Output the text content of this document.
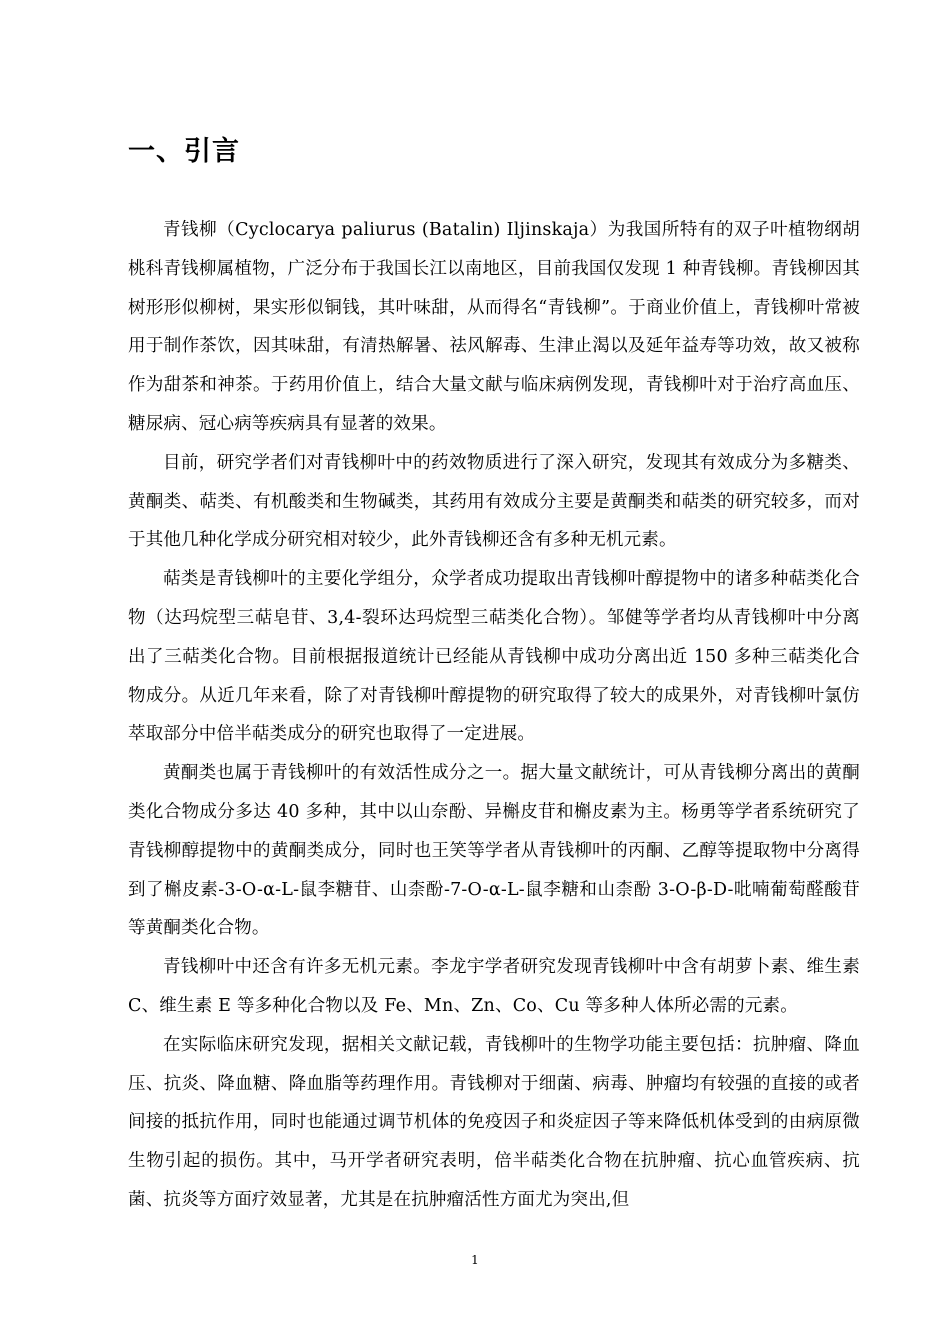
一、引言

青钱柳（Cyclocarya paliurus (Batalin) Iljinskaja）为我国所特有的双子叶植物纲胡桃科青钱柳属植物，广泛分布于我国长江以南地区，目前我国仅发现 1 种青钱柳。青钱柳因其树形形似柳树，果实形似铜钱，其叶味甜，从而得名“青钱柳”。于商业价值上，青钱柳叶常被用于制作茶饮，因其味甜，有清热解暑、祛风解毒、生津止渴以及延年益寿等功效，故又被称作为甜茶和神茶。于药用价值上，结合大量文献与临床病例发现，青钱柳叶对于治疗高血压、糖尿病、冠心病等疾病具有显著的效果。

目前，研究学者们对青钱柳叶中的药效物质进行了深入研究，发现其有效成分为多糖类、黄酮类、萜类、有机酸类和生物碱类，其药用有效成分主要是黄酮类和萜类的研究较多，而对于其他几种化学成分研究相对较少，此外青钱柳还含有多种无机元素。

萜类是青钱柳叶的主要化学组分，众学者成功提取出青钱柳叶醇提物中的诸多种萜类化合物（达玛烷型三萜皂苷、3,4-裂环达玛烷型三萜类化合物）。邹健等学者均从青钱柳叶中分离出了三萜类化合物。目前根据报道统计已经能从青钱柳中成功分离出近 150 多种三萜类化合物成分。从近几年来看，除了对青钱柳叶醇提物的研究取得了较大的成果外，对青钱柳叶氯仿萃取部分中倍半萜类成分的研究也取得了一定进展。

黄酮类也属于青钱柳叶的有效活性成分之一。据大量文献统计，可从青钱柳分离出的黄酮类化合物成分多达 40 多种，其中以山奈酚、异槲皮苷和槲皮素为主。杨勇等学者系统研究了青钱柳醇提物中的黄酮类成分，同时也王笑等学者从青钱柳叶的丙酮、乙醇等提取物中分离得到了槲皮素-3-O-α-L-鼠李糖苷、山柰酚-7-O-α-L-鼠李糖和山柰酚 3-O-β-D-吡喃葡萄醛酸苷等黄酮类化合物。

青钱柳叶中还含有许多无机元素。李龙宇学者研究发现青钱柳叶中含有胡萝卜素、维生素 C、维生素 E 等多种化合物以及 Fe、Mn、Zn、Co、Cu 等多种人体所必需的元素。

在实际临床研究发现，据相关文献记载，青钱柳叶的生物学功能主要包括：抗肿瘤、降血压、抗炎、降血糖、降血脂等药理作用。青钱柳对于细菌、病毒、肿瘤均有较强的直接的或者间接的抵抗作用，同时也能通过调节机体的免疫因子和炎症因子等来降低机体受到的由病原微生物引起的损伤。其中，马开学者研究表明，倍半萜类化合物在抗肿瘤、抗心血管疾病、抗菌、抗炎等方面疗效显著，尤其是在抗肿瘤活性方面尤为突出,但

1
